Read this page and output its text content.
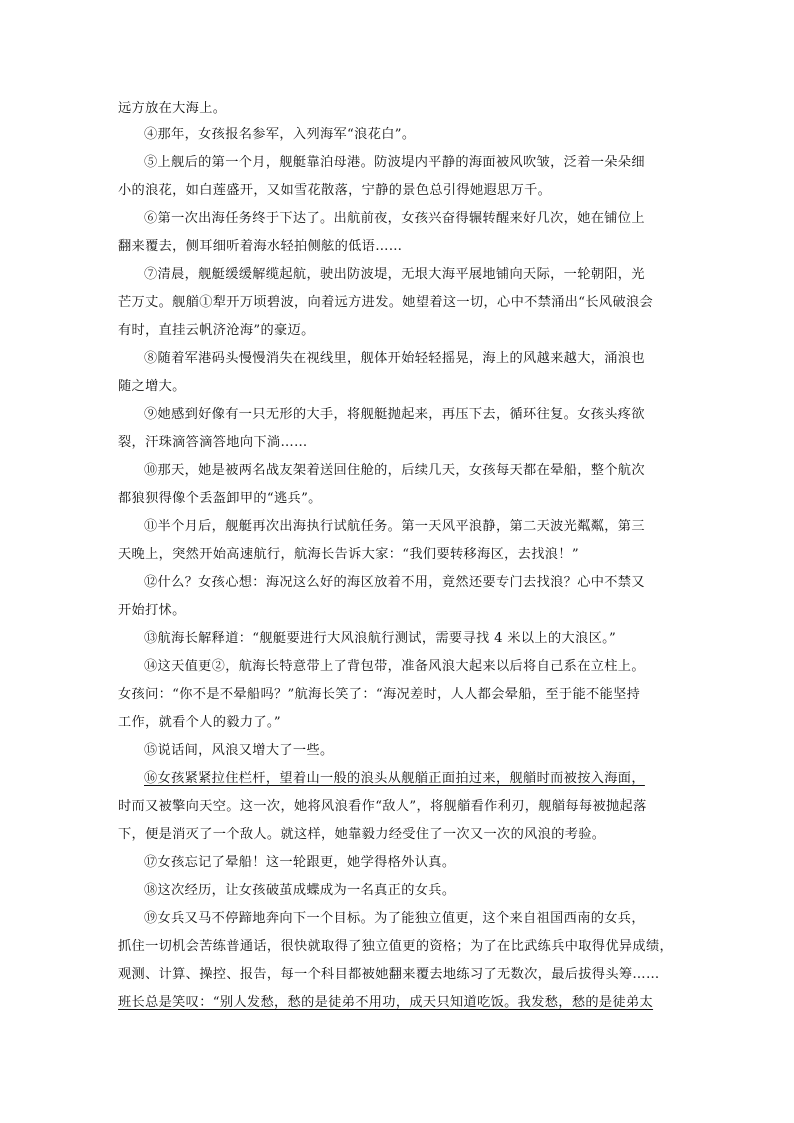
远方放在大海上。
④那年，女孩报名参军，入列海军“浪花白”。
⑤上舰后的第一个月，舰艇靠泊母港。防波堤内平静的海面被风吹皱，泛着一朵朵细
小的浪花，如白莲盛开，又如雪花散落，宁静的景色总引得她遐思万千。
⑥第一次出海任务终于下达了。出航前夜，女孩兴奋得辗转醒来好几次，她在铺位上
翻来覆去，侧耳细听着海水轻拍侧舷的低语……
⑦清晨，舰艇缓缓解缆起航，驶出防波堤，无垠大海平展地铺向天际，一轮朝阳，光
芒万丈。舰艏①犁开万顷碧波，向着远方进发。她望着这一切，心中不禁涌出“长风破浪会
有时，直挂云帆济沧海”的豪迈。
⑧随着军港码头慢慢消失在视线里，舰体开始轻轻摇晃，海上的风越来越大，涌浪也
随之增大。
⑨她感到好像有一只无形的大手，将舰艇抛起来，再压下去，循环往复。女孩头疼欲
裂，汗珠滴答滴答地向下淌……
⑩那天，她是被两名战友架着送回住舱的，后续几天，女孩每天都在晕船，整个航次
都狼狈得像个丢盔卸甲的“逃兵”。
⑪半个月后，舰艇再次出海执行试航任务。第一天风平浪静，第二天波光粼粼，第三
天晚上，突然开始高速航行，航海长告诉大家：“我们要转移海区，去找浪！”
⑫什么？女孩心想：海况这么好的海区放着不用，竟然还要专门去找浪？心中不禁又
开始打怵。
⑬航海长解释道：“舰艇要进行大风浪航行测试，需要寻找 4 米以上的大浪区。”
⑭这天值更②，航海长特意带上了背包带，准备风浪大起来以后将自己系在立柱上。
女孩问：“你不是不晕船吗？”航海长笑了：“海况差时，人人都会晕船，至于能不能坚持
工作，就看个人的毅力了。”
⑮说话间，风浪又增大了一些。
⑯女孩紧紧拉住栏杆，望着山一般的浪头从舰艏正面拍过来，舰艏时而被按入海面，
时而又被擎向天空。这一次，她将风浪看作“敌人”，将舰艏看作利刃，舰艏每每被抛起落
下，便是消灭了一个敌人。就这样，她靠毅力经受住了一次又一次的风浪的考验。
⑰女孩忘记了晕船！这一轮跟更，她学得格外认真。
⑱这次经历，让女孩破茧成蝶成为一名真正的女兵。
⑲女兵又马不停蹄地奔向下一个目标。为了能独立值更，这个来自祖国西南的女兵，
抓住一切机会苦练普通话，很快就取得了独立值更的资格；为了在比武练兵中取得优异成绩，
观测、计算、操控、报告，每一个科目都被她翻来覆去地练习了无数次，最后拔得头筹……
班长总是笑叹：“别人发愁，愁的是徒弟不用功，成天只知道吃饭。我发愁，愁的是徒弟太
